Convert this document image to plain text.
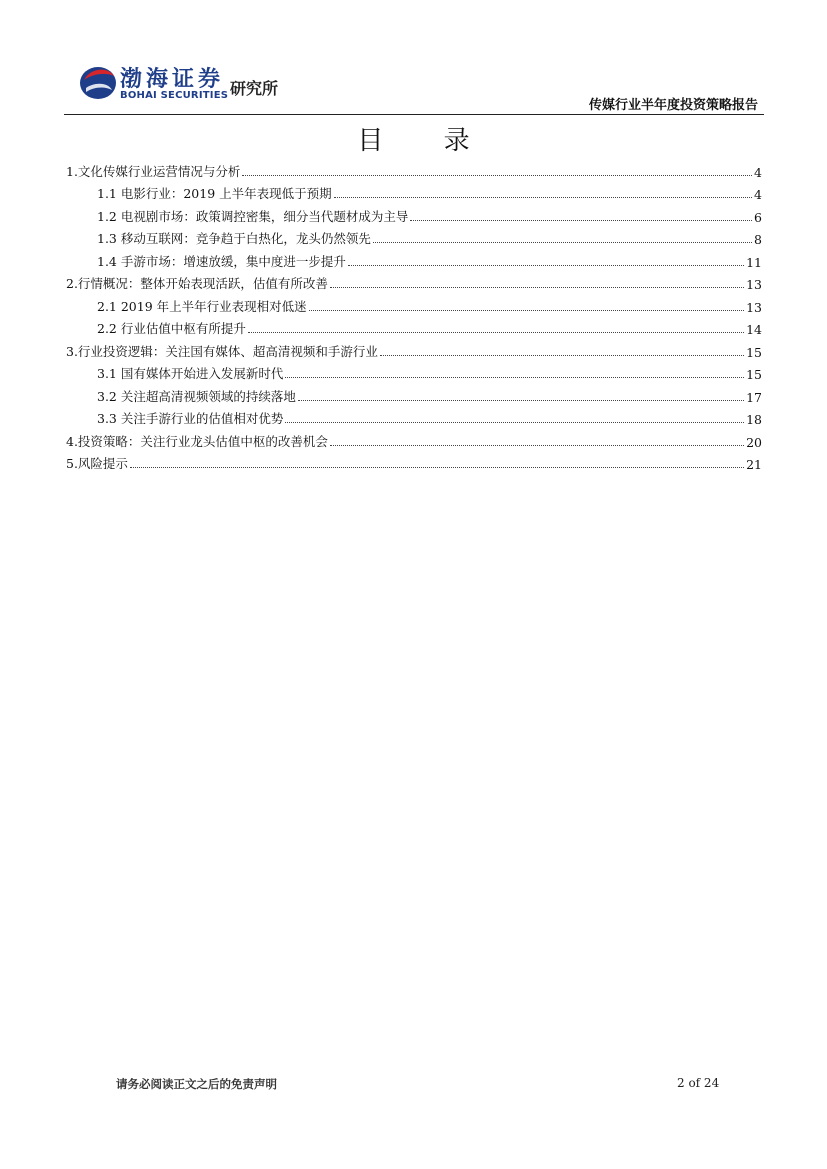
渤海证券
BOHAI SECURITIES 研究所
传媒行业半年度投资策略报告
目 录
1.文化传媒行业运营情况与分析	4
1.1 电影行业：2019 上半年表现低于预期	4
1.2 电视剧市场：政策调控密集，细分当代题材成为主导	6
1.3 移动互联网：竞争趋于白热化，龙头仍然领先	8
1.4 手游市场：增速放缓，集中度进一步提升	11
2.行情概况：整体开始表现活跃，估值有所改善	13
2.1 2019 年上半年行业表现相对低迷	13
2.2 行业估值中枢有所提升	14
3.行业投资逻辑：关注国有媒体、超高清视频和手游行业	15
3.1 国有媒体开始进入发展新时代	15
3.2 关注超高清视频领域的持续落地	17
3.3 关注手游行业的估值相对优势	18
4.投资策略：关注行业龙头估值中枢的改善机会	20
5.风险提示	21
请务必阅读正文之后的免责声明	2 of 24
